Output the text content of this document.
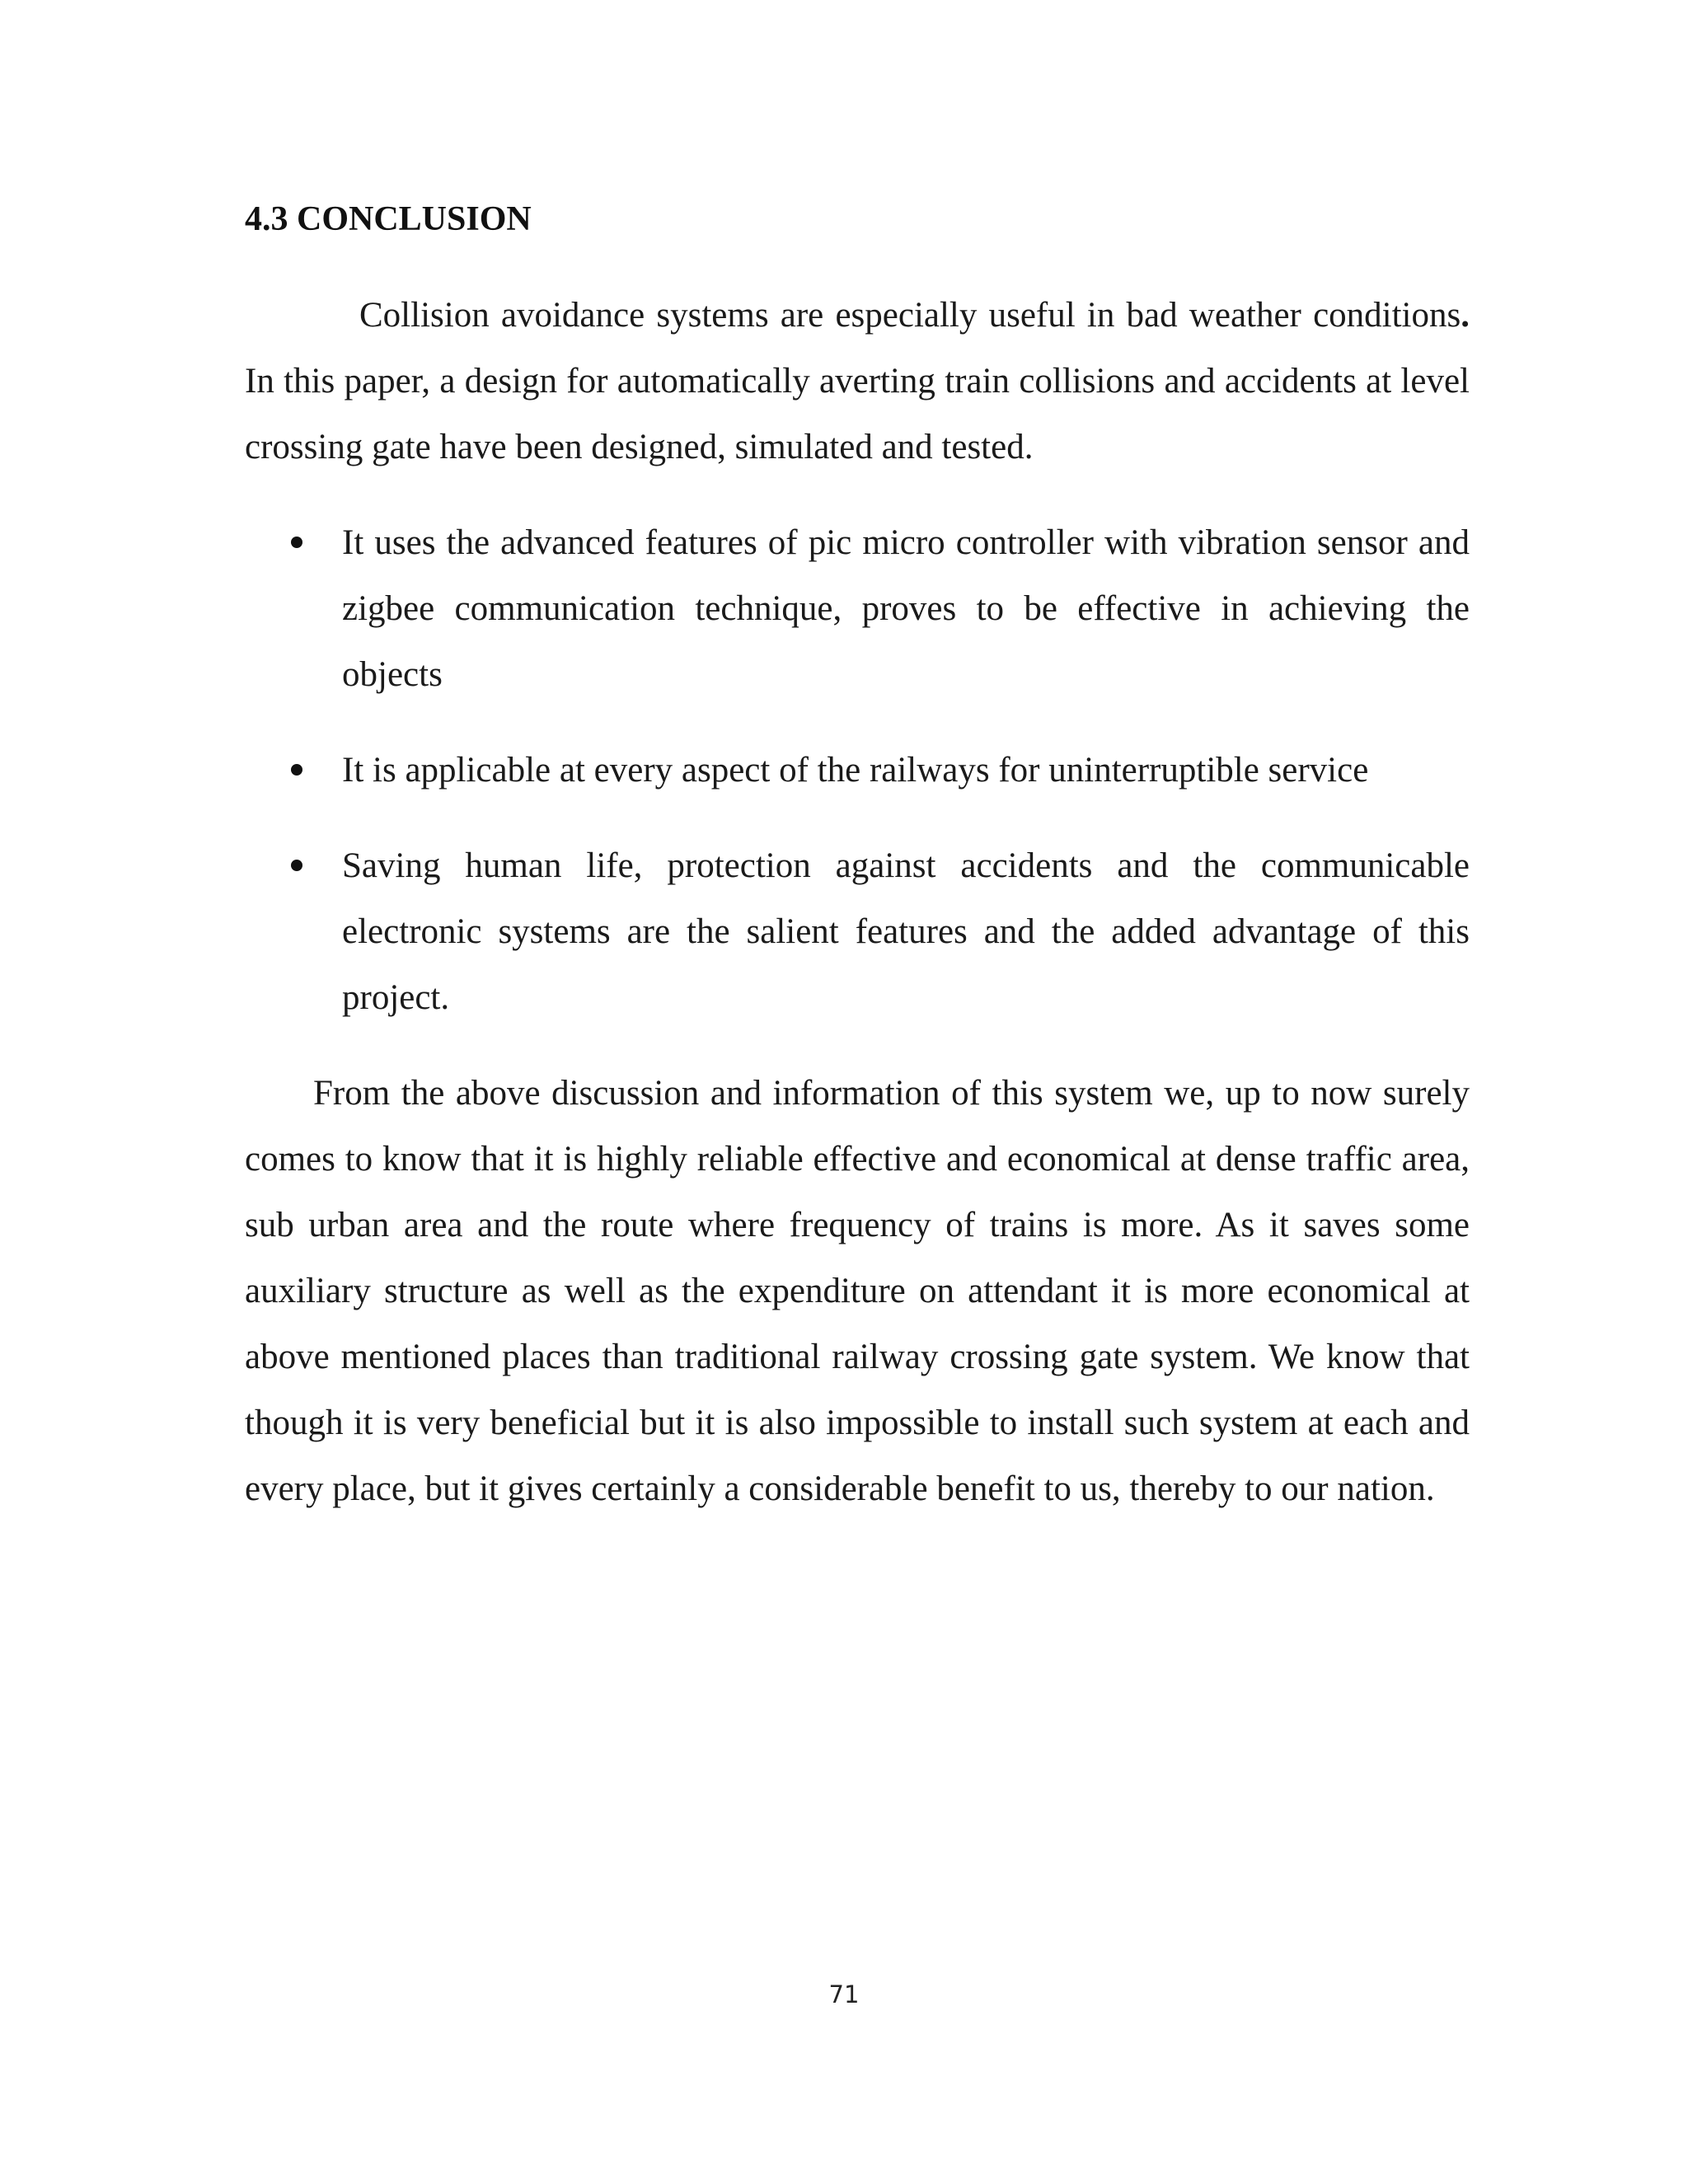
4.3 CONCLUSION

Collision avoidance systems are especially useful in bad weather conditions. In this paper, a design for automatically averting train collisions and accidents at level crossing gate have been designed, simulated and tested.

It uses the advanced features of pic micro controller with vibration sensor and zigbee communication technique, proves to be effective in achieving the objects
It is applicable at every aspect of the railways for uninterruptible service
Saving human life, protection against accidents and the communicable electronic systems are the salient features and the added advantage of this project.

From the above discussion and information of this system we, up to now surely comes to know that it is highly reliable effective and economical at dense traffic area, sub urban area and the route where frequency of trains is more. As it saves some auxiliary structure as well as the expenditure on attendant it is more economical at above mentioned places than traditional railway crossing gate system. We know that though it is very beneficial but it is also impossible to install such system at each and every place, but it gives certainly a considerable benefit to us, thereby to our nation.

71
